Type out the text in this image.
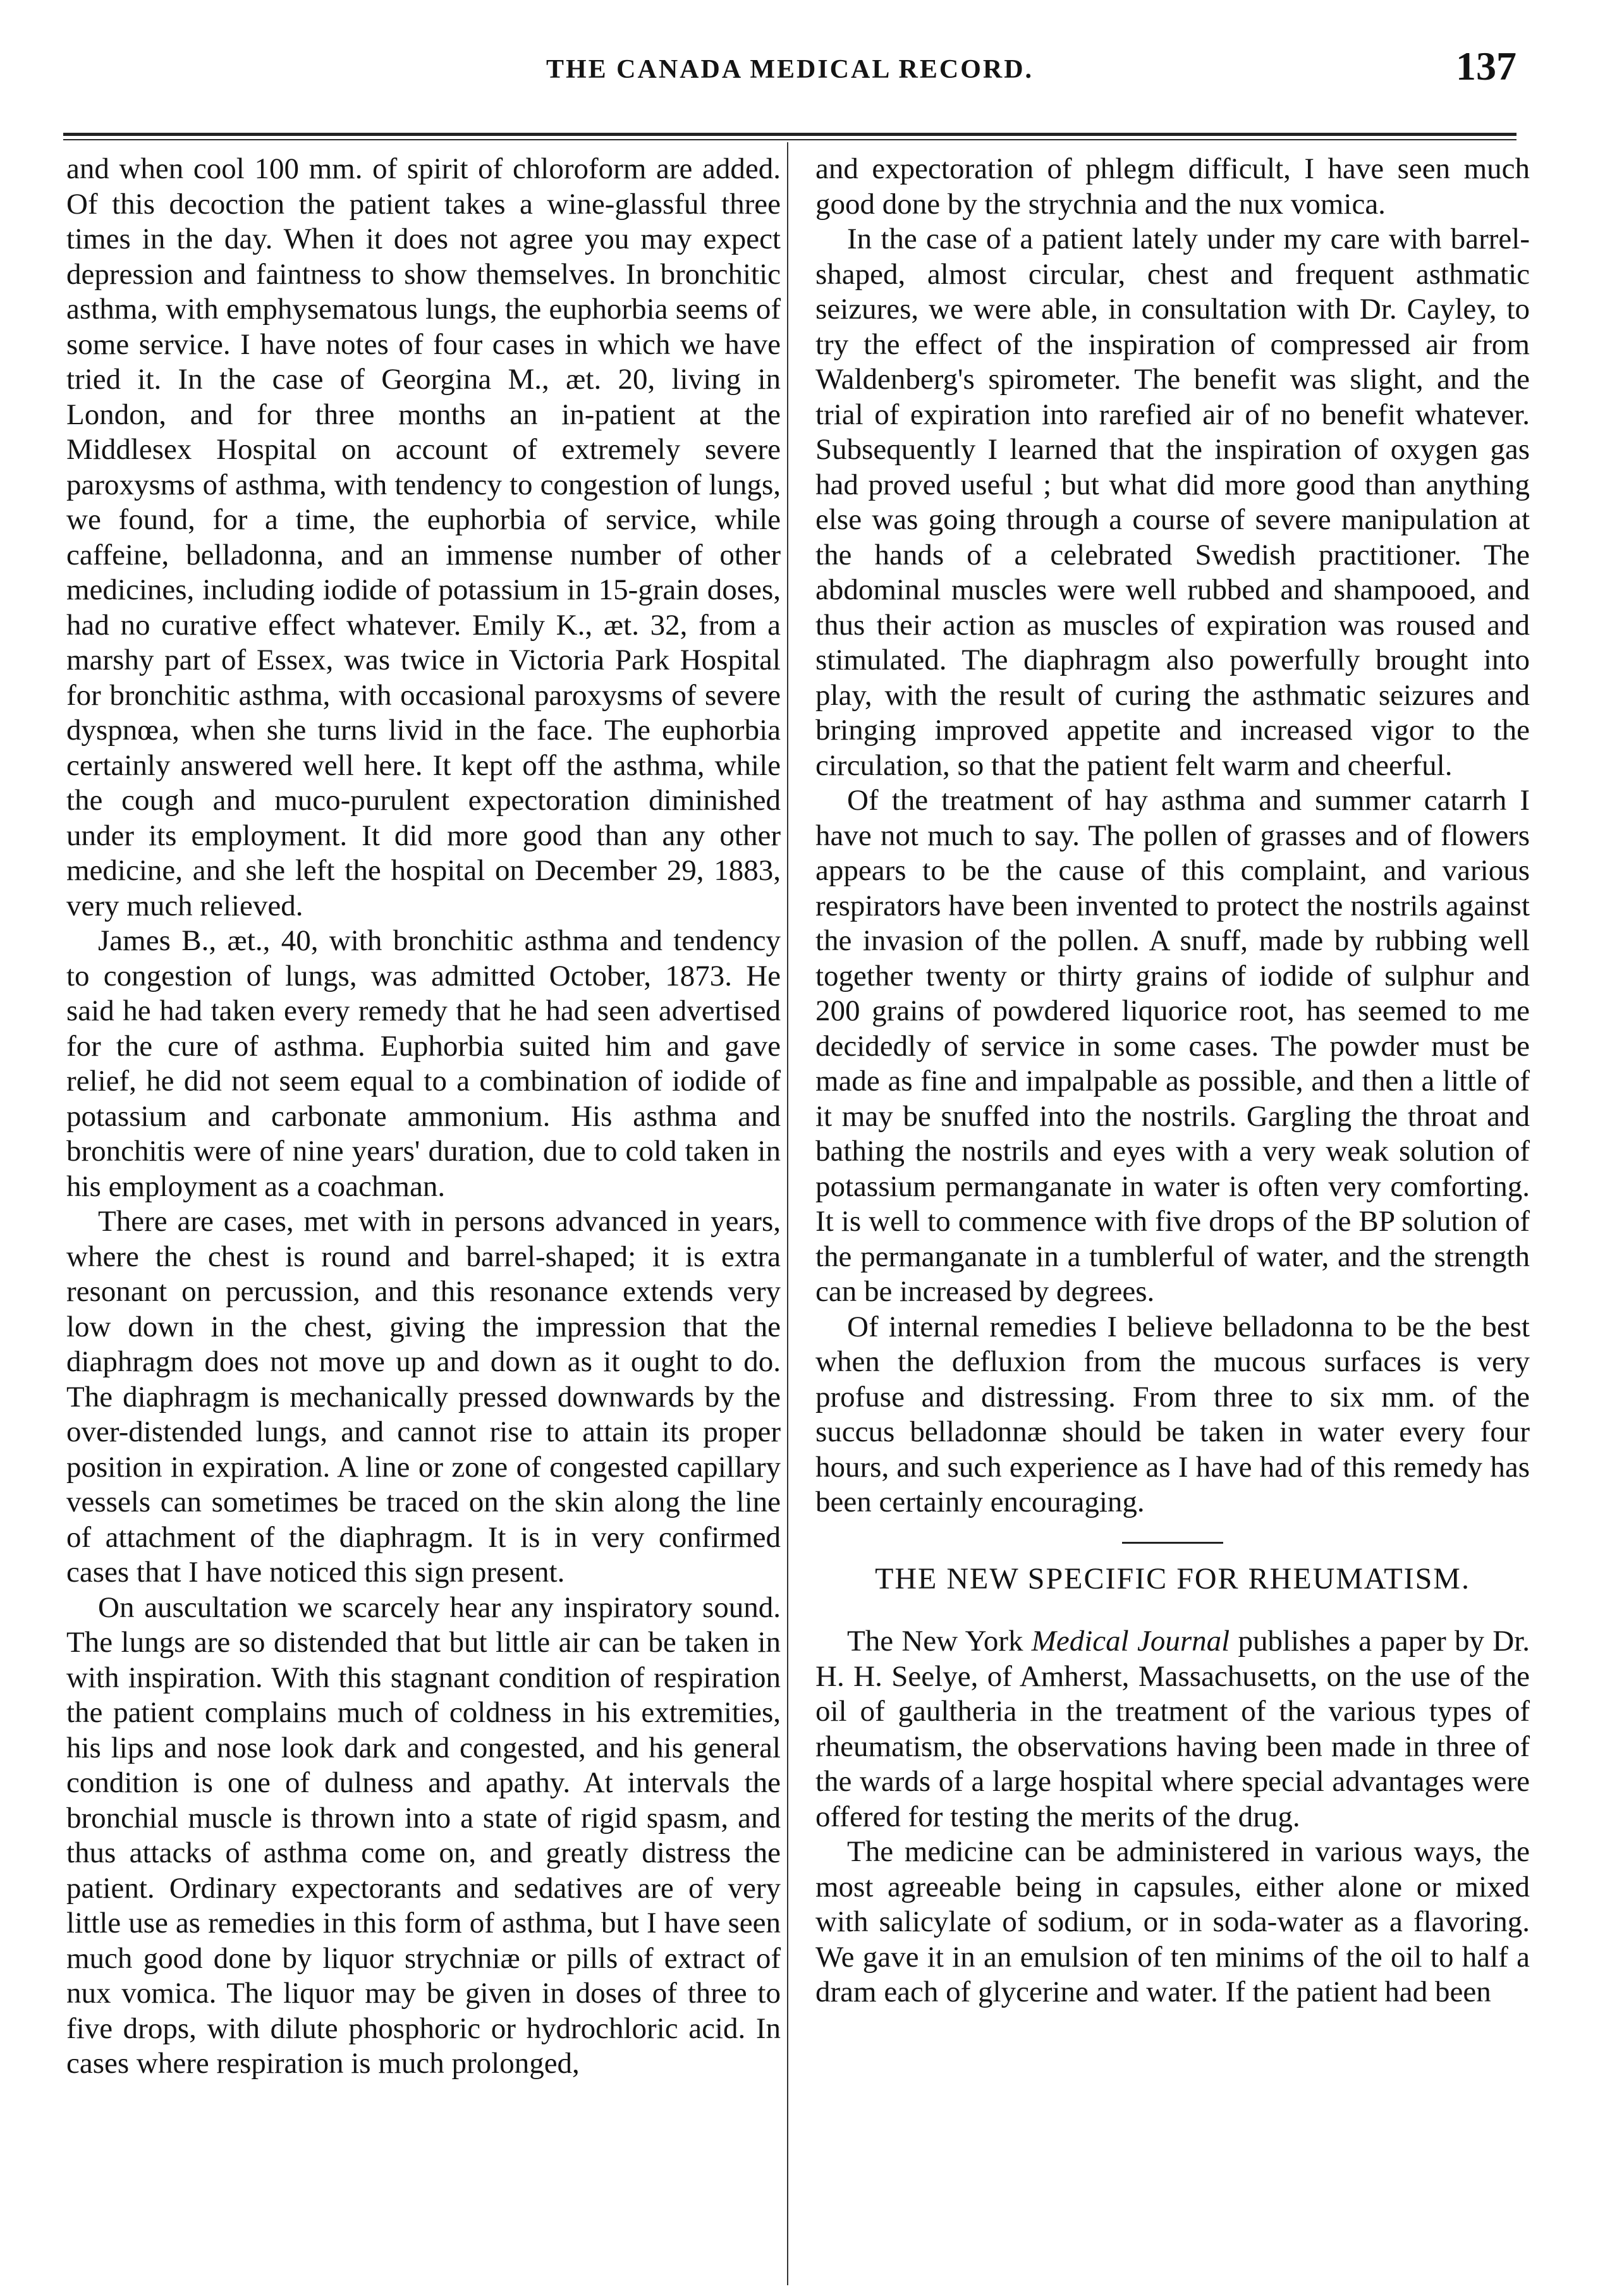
THE CANADA MEDICAL RECORD.	137

and when cool 100 mm. of spirit of chloroform are added. Of this decoction the patient takes a wine-glassful three times in the day. When it does not agree you may expect depression and faintness to show themselves. In bronchitic asthma, with emphysematous lungs, the euphorbia seems of some service. I have notes of four cases in which we have tried it. In the case of Georgina M., æt. 20, living in London, and for three months an in-patient at the Middlesex Hospital on account of extremely severe paroxysms of asthma, with tendency to congestion of lungs, we found, for a time, the euphorbia of service, while caffeine, belladonna, and an immense number of other medicines, including iodide of potassium in 15-grain doses, had no curative effect whatever. Emily K., æt. 32, from a marshy part of Essex, was twice in Victoria Park Hospital for bronchitic asthma, with occasional paroxysms of severe dyspnœa, when she turns livid in the face. The euphorbia certainly answered well here. It kept off the asthma, while the cough and muco-purulent expectoration diminished under its employment. It did more good than any other medicine, and she left the hospital on December 29, 1883, very much relieved.

James B., æt., 40, with bronchitic asthma and tendency to congestion of lungs, was admitted October, 1873. He said he had taken every remedy that he had seen advertised for the cure of asthma. Euphorbia suited him and gave relief, he did not seem equal to a combination of iodide of potassium and carbonate ammonium. His asthma and bronchitis were of nine years' duration, due to cold taken in his employment as a coachman.

There are cases, met with in persons advanced in years, where the chest is round and barrel-shaped; it is extra resonant on percussion, and this resonance extends very low down in the chest, giving the impression that the diaphragm does not move up and down as it ought to do. The diaphragm is mechanically pressed downwards by the over-distended lungs, and cannot rise to attain its proper position in expiration. A line or zone of congested capillary vessels can sometimes be traced on the skin along the line of attachment of the diaphragm. It is in very confirmed cases that I have noticed this sign present.

On auscultation we scarcely hear any inspiratory sound. The lungs are so distended that but little air can be taken in with inspiration. With this stagnant condition of respiration the patient complains much of coldness in his extremities, his lips and nose look dark and congested, and his general condition is one of dulness and apathy. At intervals the bronchial muscle is thrown into a state of rigid spasm, and thus attacks of asthma come on, and greatly distress the patient. Ordinary expectorants and sedatives are of very little use as remedies in this form of asthma, but I have seen much good done by liquor strychniæ or pills of extract of nux vomica. The liquor may be given in doses of three to five drops, with dilute phosphoric or hydrochloric acid. In cases where respiration is much prolonged,

and expectoration of phlegm difficult, I have seen much good done by the strychnia and the nux vomica.

In the case of a patient lately under my care with barrel-shaped, almost circular, chest and frequent asthmatic seizures, we were able, in consultation with Dr. Cayley, to try the effect of the inspiration of compressed air from Waldenberg's spirometer. The benefit was slight, and the trial of expiration into rarefied air of no benefit whatever. Subsequently I learned that the inspiration of oxygen gas had proved useful ; but what did more good than anything else was going through a course of severe manipulation at the hands of a celebrated Swedish practitioner. The abdominal muscles were well rubbed and shampooed, and thus their action as muscles of expiration was roused and stimulated. The diaphragm also powerfully brought into play, with the result of curing the asthmatic seizures and bringing improved appetite and increased vigor to the circulation, so that the patient felt warm and cheerful.

Of the treatment of hay asthma and summer catarrh I have not much to say. The pollen of grasses and of flowers appears to be the cause of this complaint, and various respirators have been invented to protect the nostrils against the invasion of the pollen. A snuff, made by rubbing well together twenty or thirty grains of iodide of sulphur and 200 grains of powdered liquorice root, has seemed to me decidedly of service in some cases. The powder must be made as fine and impalpable as possible, and then a little of it may be snuffed into the nostrils. Gargling the throat and bathing the nostrils and eyes with a very weak solution of potassium permanganate in water is often very comforting. It is well to commence with five drops of the BP solution of the permanganate in a tumblerful of water, and the strength can be increased by degrees.

Of internal remedies I believe belladonna to be the best when the defluxion from the mucous surfaces is very profuse and distressing. From three to six mm. of the succus belladonnæ should be taken in water every four hours, and such experience as I have had of this remedy has been certainly encouraging.

THE NEW SPECIFIC FOR RHEUMATISM.

The New York Medical Journal publishes a paper by Dr. H. H. Seelye, of Amherst, Massachusetts, on the use of the oil of gaultheria in the treatment of the various types of rheumatism, the observations having been made in three of the wards of a large hospital where special advantages were offered for testing the merits of the drug.

The medicine can be administered in various ways, the most agreeable being in capsules, either alone or mixed with salicylate of sodium, or in soda-water as a flavoring. We gave it in an emulsion of ten minims of the oil to half a dram each of glycerine and water. If the patient had been
